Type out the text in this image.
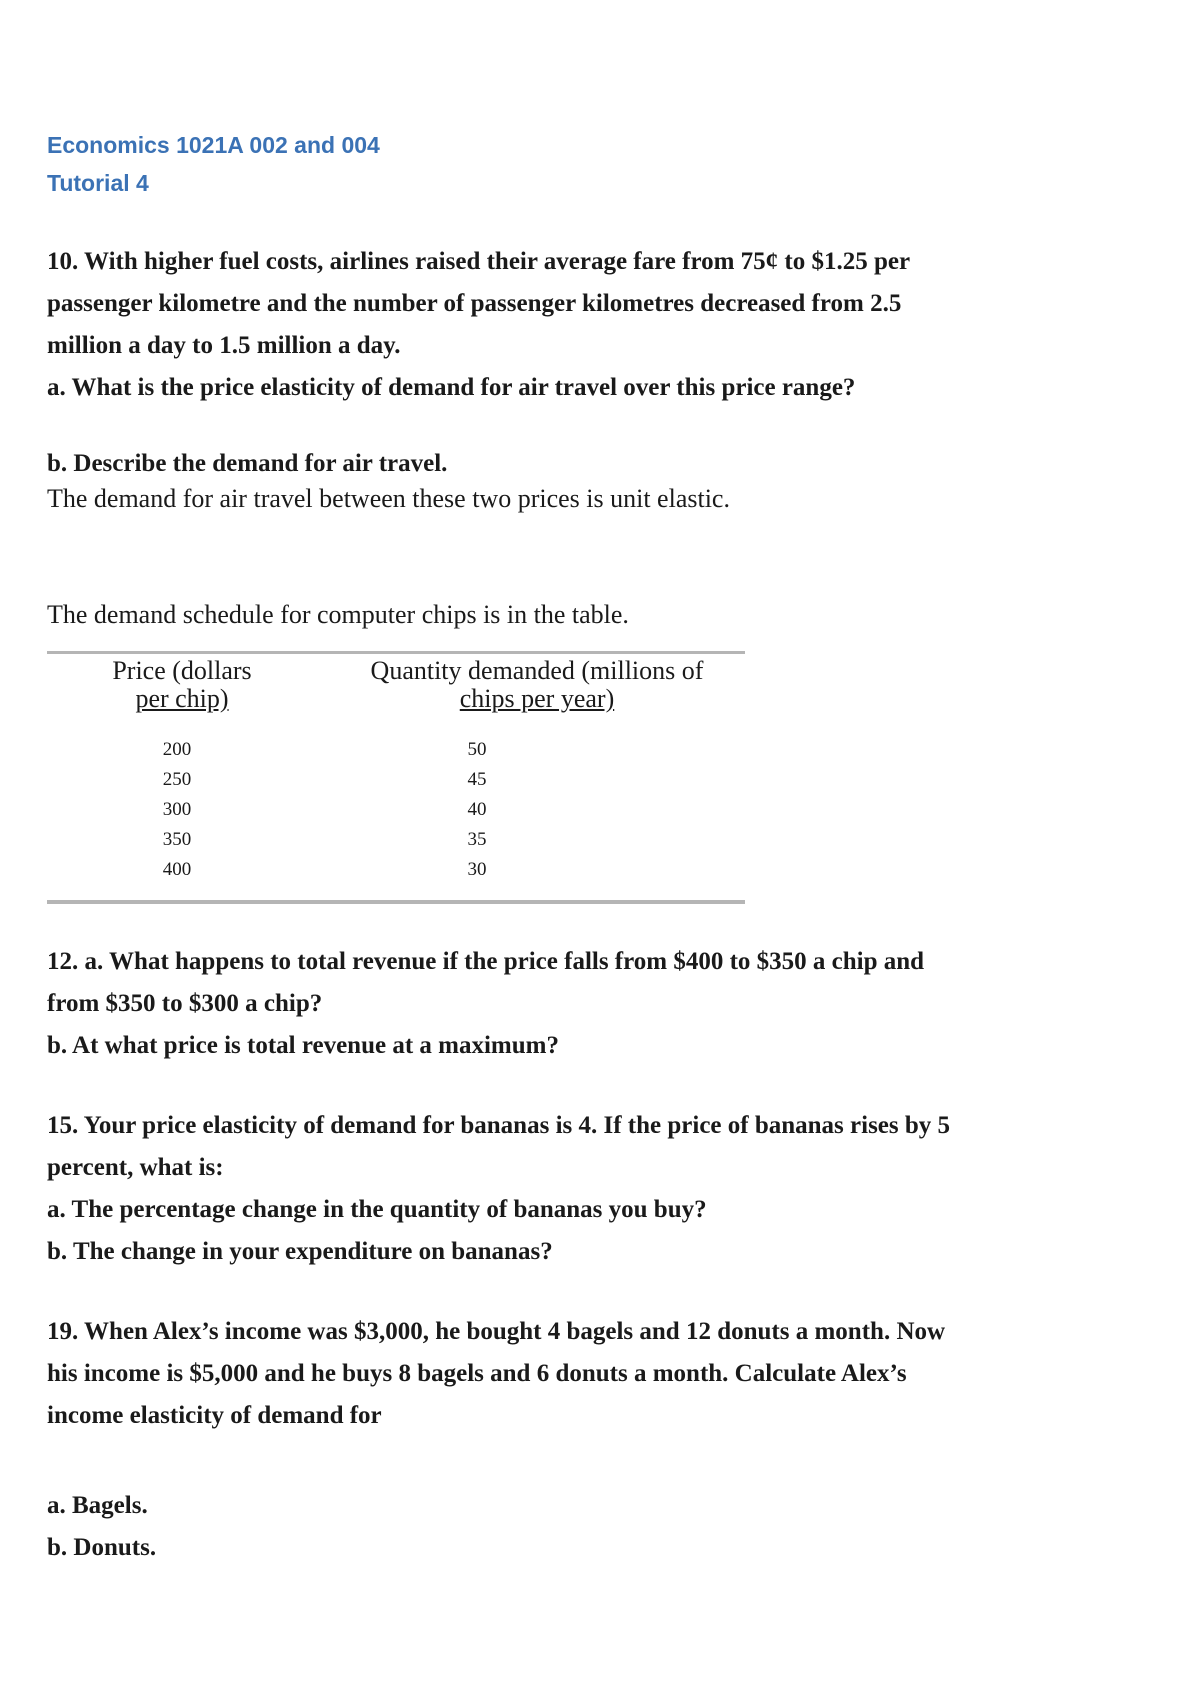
Economics 1021A 002 and 004
Tutorial 4
10. With higher fuel costs, airlines raised their average fare from 75¢ to $1.25 per
passenger kilometre and the number of passenger kilometres decreased from 2.5
million a day to 1.5 million a day.
a. What is the price elasticity of demand for air travel over this price range?
b. Describe the demand for air travel.
The demand for air travel between these two prices is unit elastic.
The demand schedule for computer chips is in the table.
Price (dollars
per chip)
Quantity demanded (millions of
chips per year)
200	50
250	45
300	40
350	35
400	30
12. a. What happens to total revenue if the price falls from $400 to $350 a chip and
from $350 to $300 a chip?
b. At what price is total revenue at a maximum?
15. Your price elasticity of demand for bananas is 4. If the price of bananas rises by 5
percent, what is:
a. The percentage change in the quantity of bananas you buy?
b. The change in your expenditure on bananas?
19. When Alex’s income was $3,000, he bought 4 bagels and 12 donuts a month. Now
his income is $5,000 and he buys 8 bagels and 6 donuts a month. Calculate Alex’s
income elasticity of demand for
a. Bagels.
b. Donuts.
